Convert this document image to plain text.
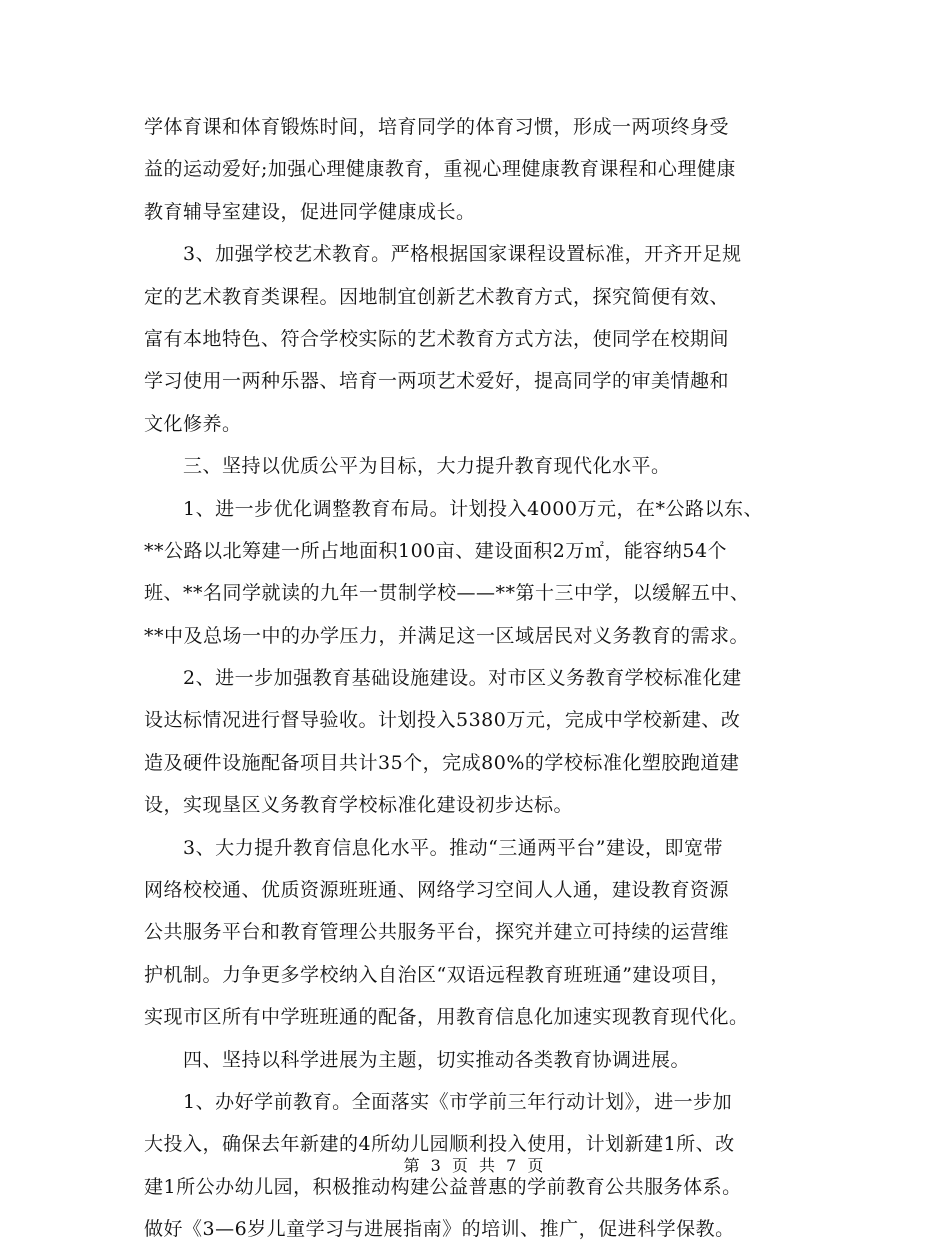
学体育课和体育锻炼时间，培育同学的体育习惯，形成一两项终身受
益的运动爱好;加强心理健康教育，重视心理健康教育课程和心理健康
教育辅导室建设，促进同学健康成长。
　　3、加强学校艺术教育。严格根据国家课程设置标准，开齐开足规
定的艺术教育类课程。因地制宜创新艺术教育方式，探究简便有效、
富有本地特色、符合学校实际的艺术教育方式方法，使同学在校期间
学习使用一两种乐器、培育一两项艺术爱好，提高同学的审美情趣和
文化修养。
　　三、坚持以优质公平为目标，大力提升教育现代化水平。
　　1、进一步优化调整教育布局。计划投入4000万元，在*公路以东、
**公路以北筹建一所占地面积100亩、建设面积2万㎡，能容纳54个
班、**名同学就读的九年一贯制学校——**第十三中学，以缓解五中、
**中及总场一中的办学压力，并满足这一区域居民对义务教育的需求。
　　2、进一步加强教育基础设施建设。对市区义务教育学校标准化建
设达标情况进行督导验收。计划投入5380万元，完成中学校新建、改
造及硬件设施配备项目共计35个，完成80%的学校标准化塑胶跑道建
设，实现垦区义务教育学校标准化建设初步达标。
　　3、大力提升教育信息化水平。推动“三通两平台”建设，即宽带
网络校校通、优质资源班班通、网络学习空间人人通，建设教育资源
公共服务平台和教育管理公共服务平台，探究并建立可持续的运营维
护机制。力争更多学校纳入自治区“双语远程教育班班通”建设项目，
实现市区所有中学班班通的配备，用教育信息化加速实现教育现代化。
　　四、坚持以科学进展为主题，切实推动各类教育协调进展。
　　1、办好学前教育。全面落实《市学前三年行动计划》，进一步加
大投入，确保去年新建的4所幼儿园顺利投入使用，计划新建1所、改
建1所公办幼儿园，积极推动构建公益普惠的学前教育公共服务体系。
做好《3—6岁儿童学习与进展指南》的培训、推广，促进科学保教。
第 3 页 共 7 页
